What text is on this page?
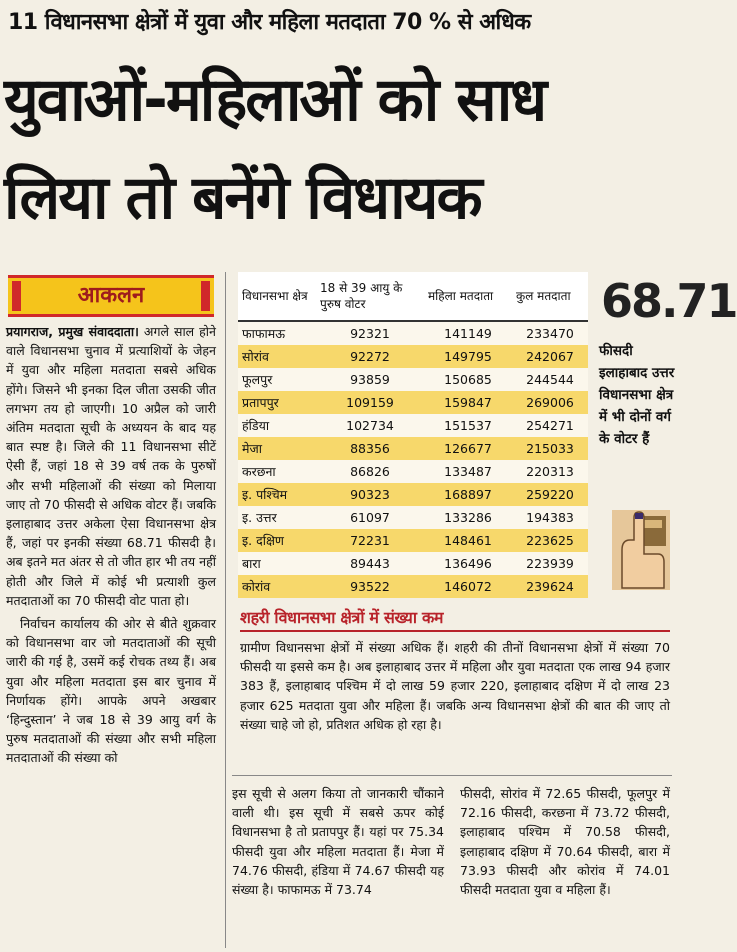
11 विधानसभा क्षेत्रों में युवा और महिला मतदाता 70 % से अधिक
युवाओं-महिलाओं को साध
लिया तो बनेंगे विधायक
आकलन

प्रयागराज, प्रमुख संवाददाता। अगले साल होने वाले विधानसभा चुनाव में प्रत्याशियों के जेहन में युवा और महिला मतदाता सबसे अधिक होंगे। जिसने भी इनका दिल जीता उसकी जीत लगभग तय हो जाएगी। 10 अप्रैल को जारी अंतिम मतदाता सूची के अध्ययन के बाद यह बात स्पष्ट है। जिले की 11 विधानसभा सीटें ऐसी हैं, जहां 18 से 39 वर्ष तक के पुरुषों और सभी महिलाओं की संख्या को मिलाया जाए तो 70 फीसदी से अधिक वोटर हैं। जबकि इलाहाबाद उत्तर अकेला ऐसा विधानसभा क्षेत्र हैं, जहां पर इनकी संख्या 68.71 फीसदी है। अब इतने मत अंतर से तो जीत हार भी तय नहीं होती और जिले में कोई भी प्रत्याशी कुल मतदाताओं का 70 फीसदी वोट पाता हो।

निर्वाचन कार्यालय की ओर से बीते शुक्रवार को विधानसभा वार जो मतदाताओं की सूची जारी की गई है, उसमें कई रोचक तथ्य हैं। अब युवा और महिला मतदाता इस बार चुनाव में निर्णायक होंगे। आपके अपने अखबार ‘हिन्दुस्तान’ ने जब 18 से 39 आयु वर्ग के पुरुष मतदाताओं की संख्या और सभी महिला मतदाताओं की संख्या को

विधानसभा क्षेत्र	18 से 39 आयु के पुरुष वोटर	महिला मतदाता	कुल मतदाता
फाफामऊ	92321	141149	233470
सोरांव	92272	149795	242067
फूलपुर	93859	150685	244544
प्रतापपुर	109159	159847	269006
हंडिया	102734	151537	254271
मेजा	88356	126677	215033
करछना	86826	133487	220313
इ. पश्चिम	90323	168897	259220
इ. उत्तर	61097	133286	194383
इ. दक्षिण	72231	148461	223625
बारा	89443	136496	223939
कोरांव	93522	146072	239624
68.71
फीसदी इलाहाबाद उत्तर विधानसभा क्षेत्र में भी दोनों वर्ग के वोटर हैं
शहरी विधानसभा क्षेत्रों में संख्या कम
ग्रामीण विधानसभा क्षेत्रों में संख्या अधिक हैं। शहरी की तीनों विधानसभा क्षेत्रों में संख्या 70 फीसदी या इससे कम है। अब इलाहाबाद उत्तर में महिला और युवा मतदाता एक लाख 94 हजार 383 हैं, इलाहाबाद पश्चिम में दो लाख 59 हजार 220, इलाहाबाद दक्षिण में दो लाख 23 हजार 625 मतदाता युवा और महिला हैं। जबकि अन्य विधानसभा क्षेत्रों की बात की जाए तो संख्या चाहे जो हो, प्रतिशत अधिक हो रहा है।
इस सूची से अलग किया तो जानकारी चौंकाने वाली थी। इस सूची में सबसे ऊपर कोई विधानसभा है तो प्रतापपुर हैं। यहां पर 75.34 फीसदी युवा और महिला मतदाता हैं। मेजा में 74.76 फीसदी, हंडिया में 74.67 फीसदी यह संख्या है। फाफामऊ में 73.74
फीसदी, सोरांव में 72.65 फीसदी, फूलपुर में 72.16 फीसदी, करछना में 73.72 फीसदी, इलाहाबाद पश्चिम में 70.58 फीसदी, इलाहाबाद दक्षिण में 70.64 फीसदी, बारा में 73.93 फीसदी और कोरांव में 74.01 फीसदी मतदाता युवा व महिला हैं।
